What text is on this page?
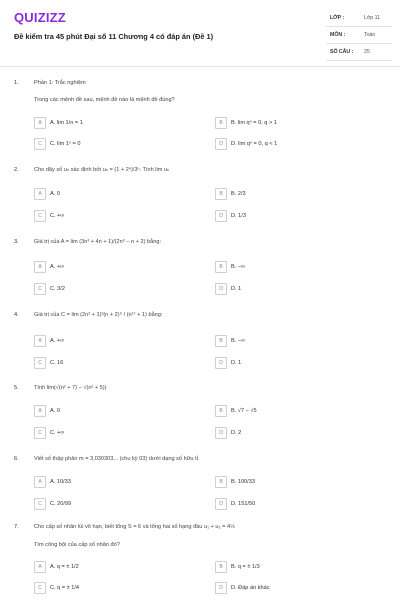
QUIZIZZ
Đề kiểm tra 45 phút Đại số 11 Chương 4 có đáp án (Đề 1)
LỚP :	Lớp 11
MÔN :	Toán
SỐ CÂU : 25
1.	Phần 1: Trắc nghiệm
Trong các mệnh đề sau, mệnh đề nào là mệnh đề đúng?
A A. lim 1/n = 1	B B. lim qⁿ = 0, q > 1
C C. lim 1ⁿ = 0	D D. lim qⁿ = 0, q < 1
2.	Cho dãy số uₙ xác định bởi uₙ = (1 + 2ⁿ)/3ⁿ. Tính lim uₙ
A A. 0	B B. 2/3
C C. +∞	D D. 1/3
3.	Giá trị của A = lim (3n³ + 4n + 1)/(2n³ − n + 2) bằng:
A A. +∞	B B. −∞
C C. 3/2	D D. 1
4.	Giá trị của C = lim (2n³ + 1)³(n + 2)⁹ / (n¹⁷ + 1) bằng:
A A. +∞	B B. −∞
C C. 16	D D. 1
5.	Tính lim(√(n² + 7) − √(n² + 5))
A A. 0	B B. √7 − √5
C C. +∞	D D. 2
6.	Viết số thập phân m = 3,030303... (chu kỳ 03) dưới dạng số hữu tỉ.
A A. 10/33	B B. 100/33
C C. 20/99	D D. 151/50
7.	Cho cấp số nhân lùi vô hạn, biết tổng S = 6 và tổng hai số hạng đầu u₁ + u₂ = 4½
Tìm công bội của cấp số nhân đó?
A A. q = ± 1/2	B B. q = ± 1/3
C C. q = ± 1/4	D D. Đáp án khác
